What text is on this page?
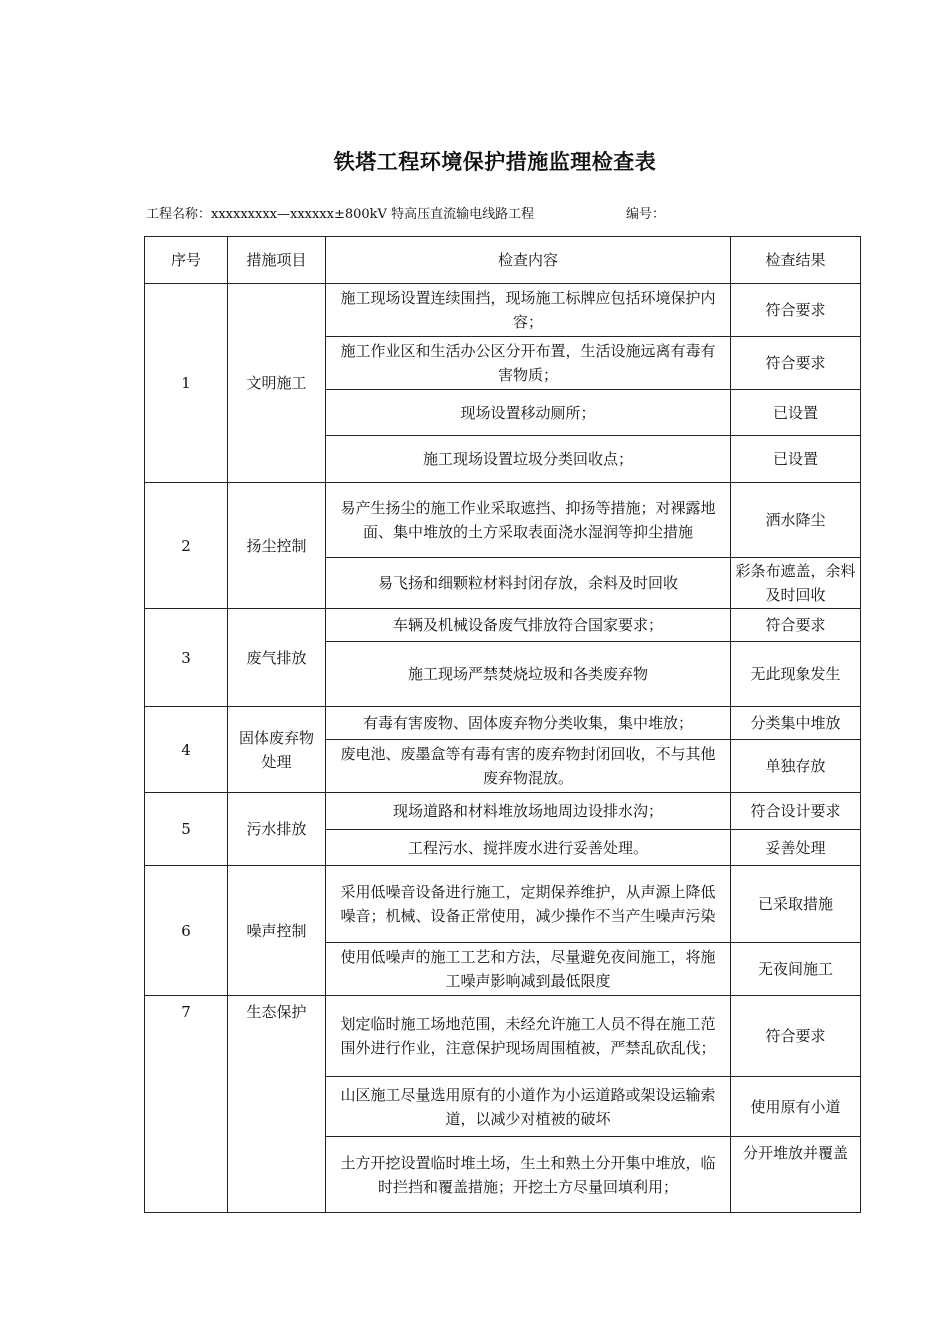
铁塔工程环境保护措施监理检查表
工程名称：xxxxxxxxx—xxxxxx±800kV 特高压直流输电线路工程	编号：
序号	措施项目	检查内容	检查结果
1	文明施工	施工现场设置连续围挡，现场施工标牌应包括环境保护内容；	符合要求
		施工作业区和生活办公区分开布置，生活设施远离有毒有害物质；	符合要求
		现场设置移动厕所；	已设置
		施工现场设置垃圾分类回收点；	已设置
2	扬尘控制	易产生扬尘的施工作业采取遮挡、抑扬等措施；对裸露地面、集中堆放的土方采取表面浇水湿润等抑尘措施	洒水降尘
		易飞扬和细颗粒材料封闭存放，余料及时回收	彩条布遮盖，余料及时回收
3	废气排放	车辆及机械设备废气排放符合国家要求；	符合要求
		施工现场严禁焚烧垃圾和各类废弃物	无此现象发生
4	固体废弃物处理	有毒有害废物、固体废弃物分类收集，集中堆放；	分类集中堆放
		废电池、废墨盒等有毒有害的废弃物封闭回收，不与其他废弃物混放。	单独存放
5	污水排放	现场道路和材料堆放场地周边设排水沟；	符合设计要求
		工程污水、搅拌废水进行妥善处理。	妥善处理
6	噪声控制	采用低噪音设备进行施工，定期保养维护，从声源上降低噪音；机械、设备正常使用，减少操作不当产生噪声污染	已采取措施
		使用低噪声的施工工艺和方法，尽量避免夜间施工，将施工噪声影响减到最低限度	无夜间施工
7	生态保护	划定临时施工场地范围，未经允许施工人员不得在施工范围外进行作业，注意保护现场周围植被，严禁乱砍乱伐；	符合要求
		山区施工尽量选用原有的小道作为小运道路或架设运输索道，以减少对植被的破坏	使用原有小道
		土方开挖设置临时堆土场，生土和熟土分开集中堆放，临时拦挡和覆盖措施；开挖土方尽量回填利用；	分开堆放并覆盖
